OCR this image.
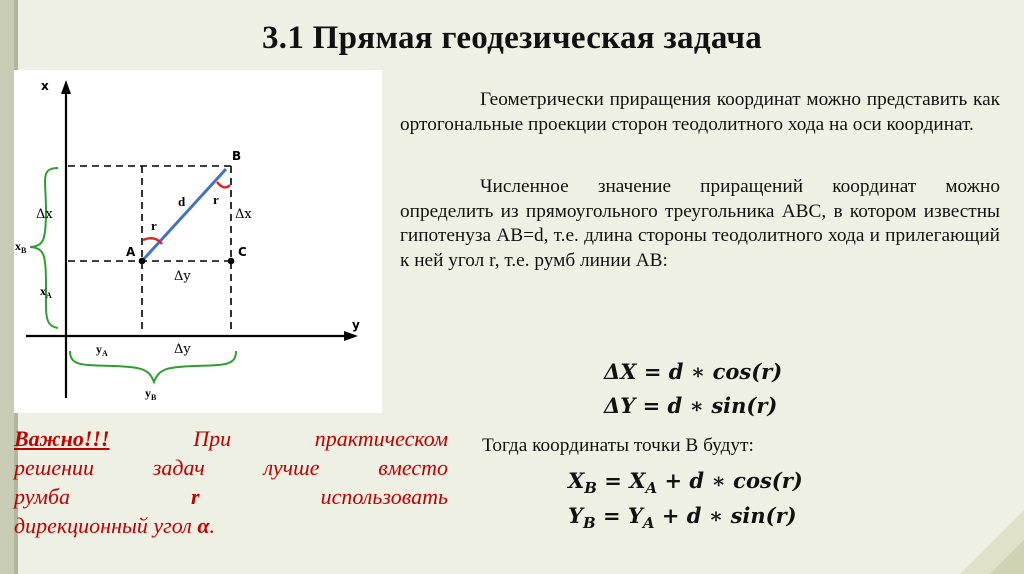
3.1 Прямая геодезическая задача
x
y
A
B
C
d
r
r
Δx	Δx
Δy
Δy
$x_B$
$x_A$
$y_A$
$y_B$

Геометрически приращения координат можно представить как ортогональные проекции сторон теодолитного хода на оси координат.

Численное значение приращений координат можно определить из прямоугольного треугольника АВС, в котором известны гипотенуза АВ=d, т.е. длина стороны теодолитного хода и прилегающий к ней угол r, т.е. румб линии АВ:

ΔX = d ∗ cos(r)
ΔY = d ∗ sin(r)
Тогда координаты точки В будут:
$X_B = X_A + d$ ∗ cos(r)
$Y_B = Y_A + d$ ∗ sin(r)
Важно!!!	При практическом
решении задач лучше вместо
румба	r	использовать
дирекционный угол α.
